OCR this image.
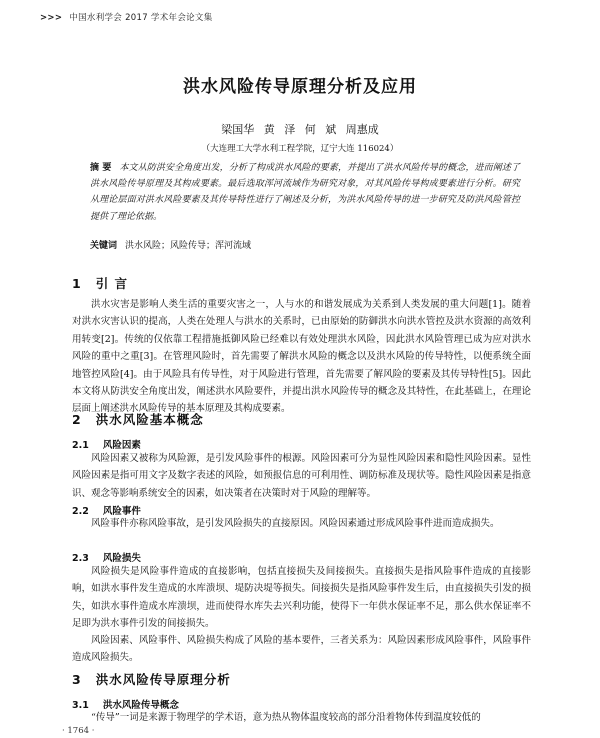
>>> 中国水利学会 2017 学术年会论文集
洪水风险传导原理分析及应用
梁国华 黄 泽 何 斌 周惠成
（大连理工大学水利工程学院，辽宁大连 116024）
摘 要 本文从防洪安全角度出发，分析了构成洪水风险的要素，并提出了洪水风险传导的概念，进而阐述了洪水风险传导原理及其构成要素。最后选取浑河流域作为研究对象，对其风险传导构成要素进行分析。研究从理论层面对洪水风险要素及其传导特性进行了阐述及分析，为洪水风险传导的进一步研究及防洪风险管控提供了理论依据。
关键词 洪水风险；风险传导；浑河流域
1 引 言
洪水灾害是影响人类生活的重要灾害之一，人与水的和谐发展成为关系到人类发展的重大问题[1]。随着对洪水灾害认识的提高，人类在处理人与洪水的关系时，已由原始的防御洪水向洪水管控及洪水资源的高效利用转变[2]。传统的仅依靠工程措施抵御风险已经难以有效处理洪水风险，因此洪水风险管理已成为应对洪水风险的重中之重[3]。在管理风险时，首先需要了解洪水风险的概念以及洪水风险的传导特性，以便系统全面地管控风险[4]。由于风险具有传导性，对于风险进行管理，首先需要了解风险的要素及其传导特性[5]。因此本文将从防洪安全角度出发，阐述洪水风险要件，并提出洪水风险传导的概念及其特性，在此基础上，在理论层面上阐述洪水风险传导的基本原理及其构成要素。
2 洪水风险基本概念
2.1 风险因素
风险因素又被称为风险源，是引发风险事件的根源。风险因素可分为显性风险因素和隐性风险因素。显性风险因素是指可用文字及数字表述的风险，如预报信息的可利用性、调防标准及现状等。隐性风险因素是指意识、观念等影响系统安全的因素，如决策者在决策时对于风险的理解等。
2.2 风险事件
风险事件亦称风险事故，是引发风险损失的直接原因。风险因素通过形成风险事件进而造成损失。
2.3 风险损失
风险损失是风险事件造成的直接影响，包括直接损失及间接损失。直接损失是指风险事件造成的直接影响，如洪水事件发生造成的水库溃坝、堤防决堤等损失。间接损失是指风险事件发生后，由直接损失引发的损失，如洪水事件造成水库溃坝，进而使得水库失去兴利功能，使得下一年供水保证率不足，那么供水保证率不足即为洪水事件引发的间接损失。
风险因素、风险事件、风险损失构成了风险的基本要件，三者关系为：风险因素形成风险事件，风险事件造成风险损失。
3 洪水风险传导原理分析
3.1 洪水风险传导概念
“传导”一词是来源于物理学的学术语，意为热从物体温度较高的部分沿着物体传到温度较低的
· 1764 ·
